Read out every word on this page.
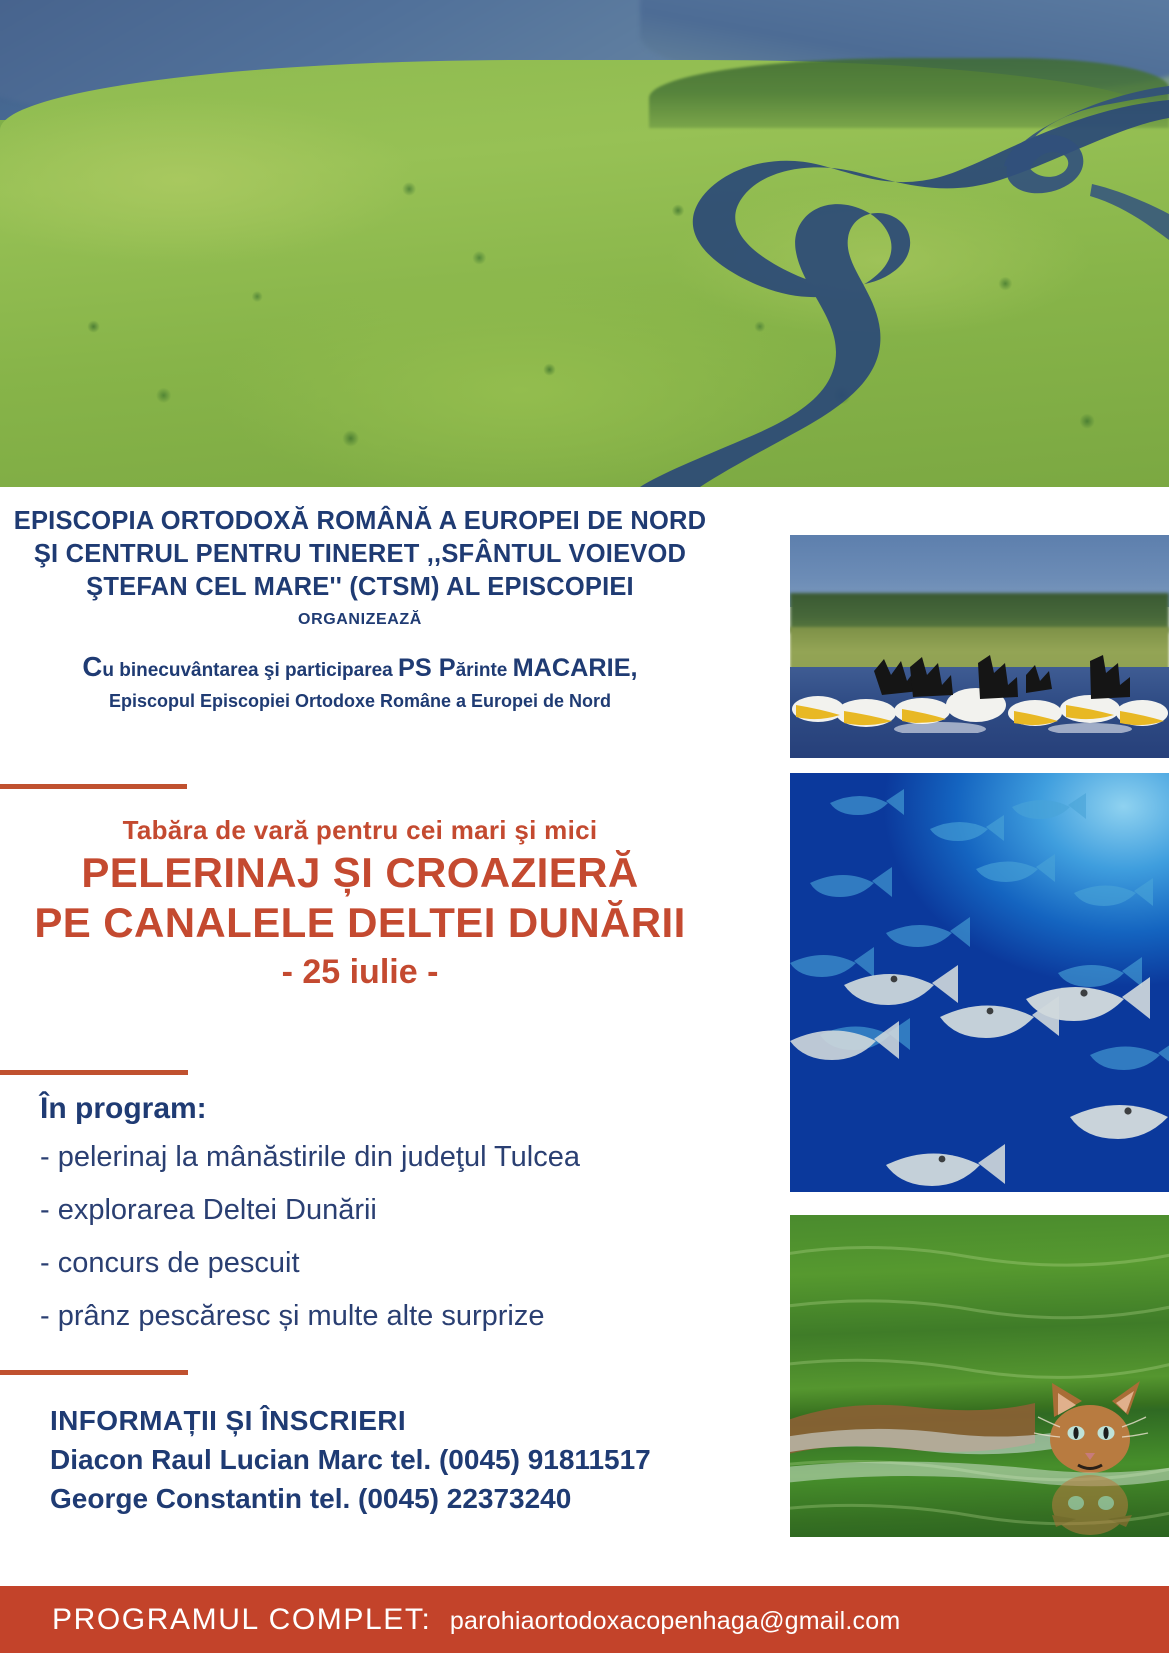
EPISCOPIA ORTODOXĂ ROMÂNĂ A EUROPEI DE NORD
ŞI CENTRUL PENTRU TINERET ,,SFÂNTUL VOIEVOD
ŞTEFAN CEL MARE'' (CTSM) AL EPISCOPIEI
ORGANIZEAZĂ
Cu binecuvântarea şi participarea PS Părinte MACARIE,
Episcopul Episcopiei Ortodoxe Române a Europei de Nord
Tabăra de vară pentru cei mari şi mici
PELERINAJ ȘI CROAZIERĂ
PE CANALELE DELTEI DUNĂRII
- 25 iulie -
În program:
- pelerinaj la mânăstirile din judeţul Tulcea
- explorarea Deltei Dunării
- concurs de pescuit
- prânz pescăresc și multe alte surprize
INFORMAȚII ȘI ÎNSCRIERI
Diacon Raul Lucian Marc tel. (0045) 91811517
George Constantin tel. (0045) 22373240
PROGRAMUL COMPLET: parohiaortodoxacopenhaga@gmail.com
